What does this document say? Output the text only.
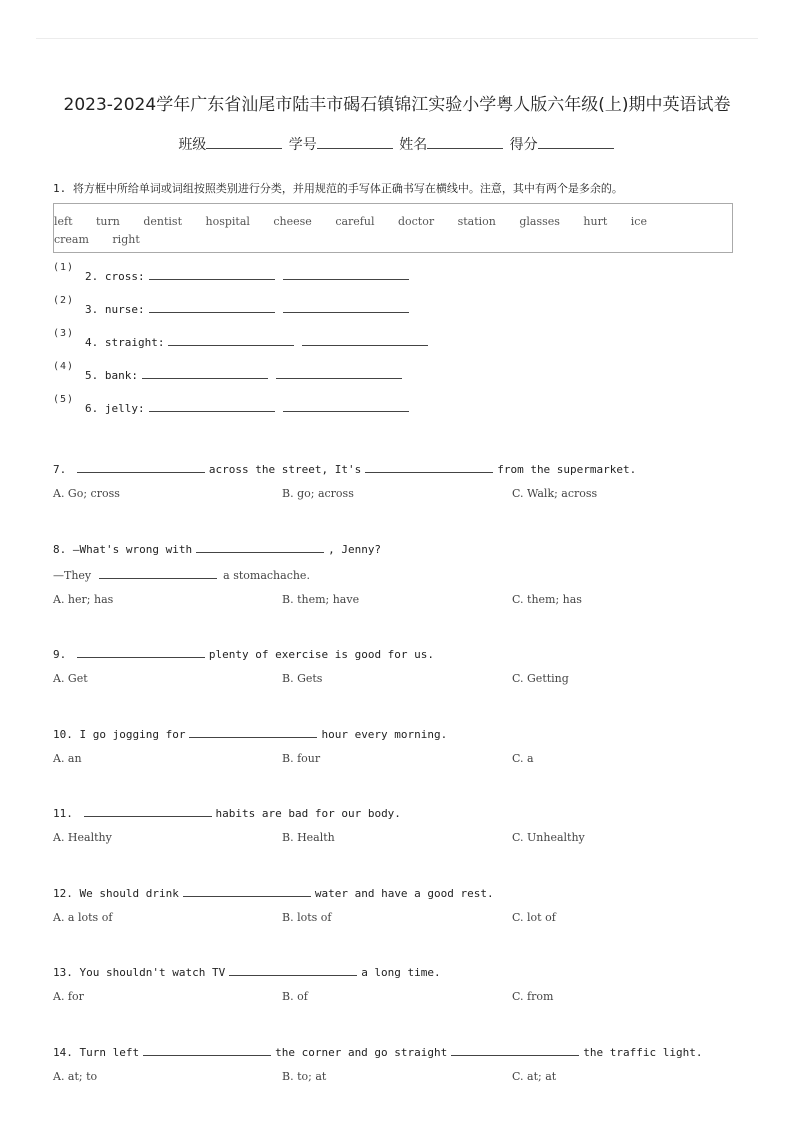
2023-2024学年广东省汕尾市陆丰市碣石镇锦江实验小学粤人版六年级(上)期中英语试卷
班级	学号	姓名	得分
1. 将方框中所给单词或词组按照类别进行分类，并用规范的手写体正确书写在横线中。注意，其中有两个是多余的。
left turn dentist hospital cheese careful doctor station glasses hurt ice cream right
(1)
2. cross:
(2)
3. nurse:
(3)
4. straight:
(4)
5. bank:
(5)
6. jelly:
7.	across the street, It's	from the supermarket.
A. Go; cross	B. go; across	C. Walk; across
8. —What's wrong with	, Jenny?
—They	a stomachache.
A. her; has	B. them; have	C. them; has
9.	plenty of exercise is good for us.
A. Get	B. Gets	C. Getting
10. I go jogging for	hour every morning.
A. an	B. four	C. a
11.	habits are bad for our body.
A. Healthy	B. Health	C. Unhealthy
12. We should drink	water and have a good rest.
A. a lots of	B. lots of	C. lot of
13. You shouldn't watch TV	a long time.
A. for	B. of	C. from
14. Turn left	the corner and go straight	the traffic light.
A. at; to	B. to; at	C. at; at
